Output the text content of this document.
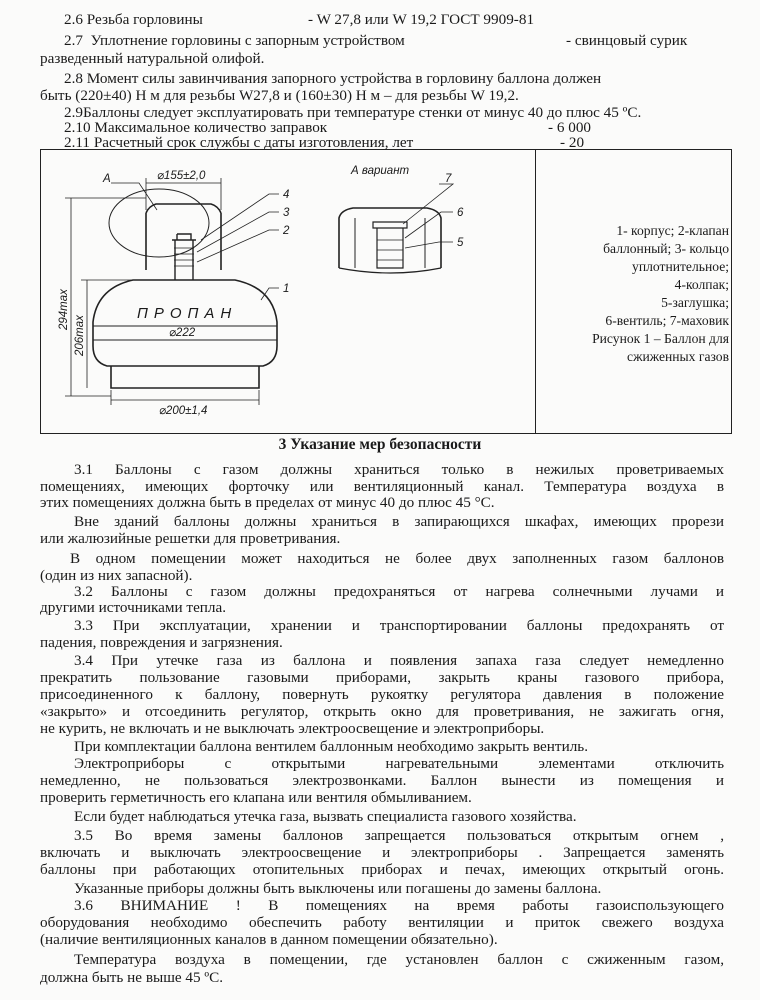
2.6 Резьба горловины	- W 27,8 или W 19,2 ГОСТ 9909-81
2.7 Уплотнение горловины с запорным устройством	- свинцовый сурик
разведенный натуральной олифой.
2.8 Момент силы завинчивания запорного устройства в горловину баллона должен
быть (220±40) Н м для резьбы W27,8 и (160±30) Н м – для резьбы W 19,2.
2.9Баллоны следует эксплуатировать при температуре стенки от минус 40 до плюс 45 ºС.
2.10 Максимальное количество заправок	- 6 000
2.11 Расчетный срок службы с даты изготовления, лет	- 20
А	⌀155±2,0
⌀222
⌀200±1,4
294max
206max
ПРОПАН
А вариант
1
2
3
4
5
6
7
1- корпус; 2-клапан
баллонный; 3- кольцо
уплотнительное;
4-колпак;
5-заглушка;
6-вентиль; 7-маховик
Рисунок 1 – Баллон для
сжиженных газов
3 Указание мер безопасности
3.1 Баллоны с газом должны храниться только в нежилых проветриваемых
помещениях, имеющих форточку или вентиляционный канал. Температура воздуха в
этих помещениях должна быть в пределах от минус 40 до плюс 45 °С.
Вне зданий баллоны должны храниться в запирающихся шкафах, имеющих прорези
или жалюзийные решетки для проветривания.
В одном помещении может находиться не более двух заполненных газом баллонов
(один из них запасной).
3.2 Баллоны с газом должны предохраняться от нагрева солнечными лучами и
другими источниками тепла.
3.3 При эксплуатации, хранении и транспортировании баллоны предохранять от
падения, повреждения и загрязнения.
3.4 При утечке газа из баллона и появления запаха газа следует немедленно
прекратить пользование газовыми приборами, закрыть краны газового прибора,
присоединенного к баллону, повернуть рукоятку регулятора давления в положение
«закрыто» и отсоединить регулятор, открыть окно для проветривания, не зажигать огня,
не курить, не включать и не выключать электроосвещение и электроприборы.
При комплектации баллона вентилем баллонным необходимо закрыть вентиль.
Электроприборы с открытыми нагревательными элементами отключить
немедленно, не пользоваться электрозвонками. Баллон вынести из помещения и
проверить герметичность его клапана или вентиля обмыливанием.
Если будет наблюдаться утечка газа, вызвать специалиста газового хозяйства.
3.5 Во время замены баллонов запрещается пользоваться открытым огнем ,
включать и выключать электроосвещение и электроприборы . Запрещается заменять
баллоны при работающих отопительных приборах и печах, имеющих открытый огонь.
Указанные приборы должны быть выключены или погашены до замены баллона.
3.6 ВНИМАНИЕ ! В помещениях на время работы газоиспользующего
оборудования необходимо обеспечить работу вентиляции и приток свежего воздуха
(наличие вентиляционных каналов в данном помещении обязательно).
Температура воздуха в помещении, где установлен баллон с сжиженным газом,
должна быть не выше 45 ºС.
